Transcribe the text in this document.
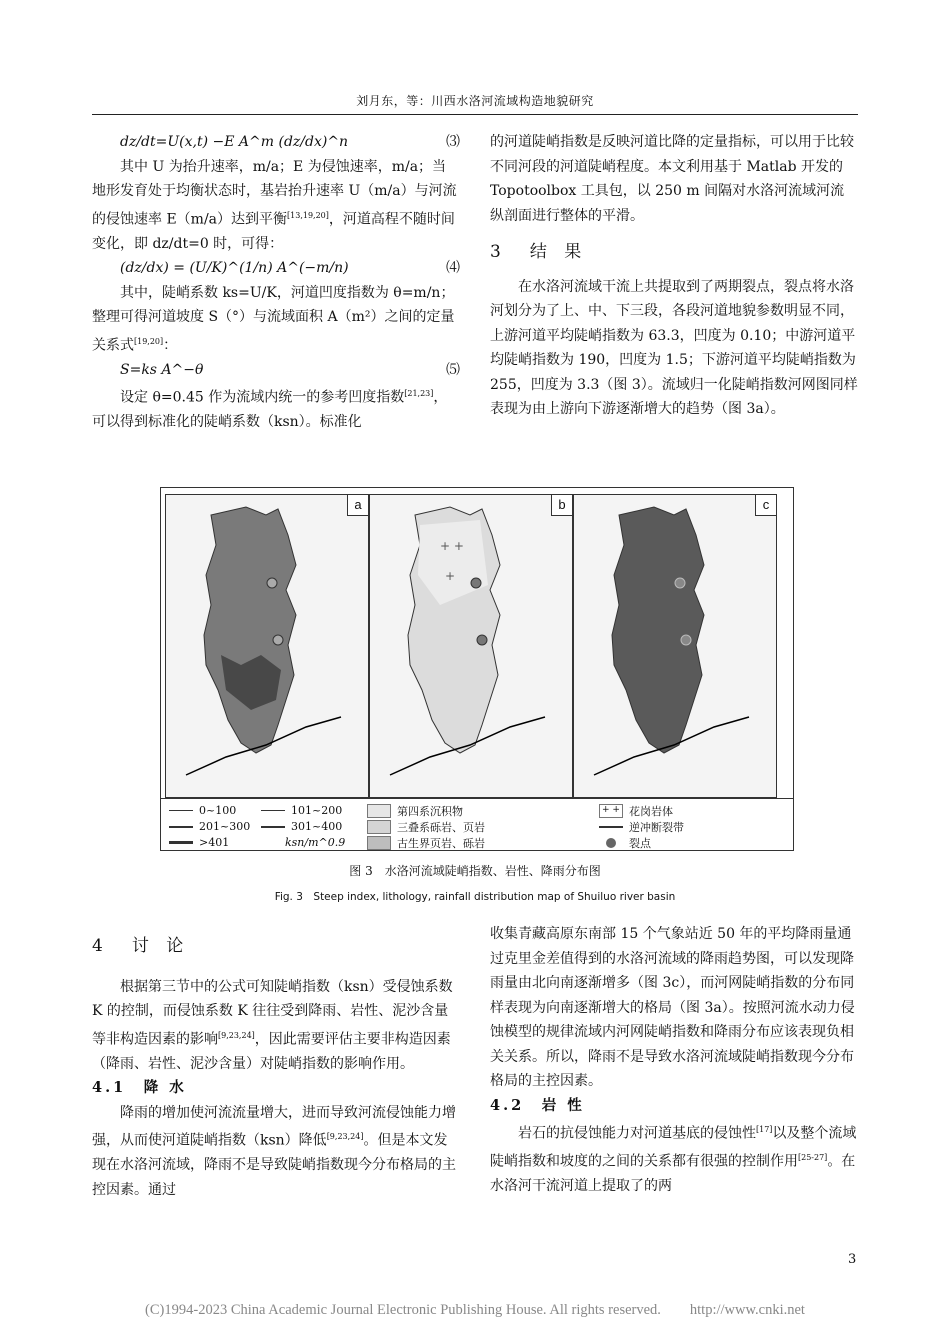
刘月东，等：川西水洛河流域构造地貌研究

dz/dt=U(x,t) −E A^m (dz/dx)^n	⑶

其中 U 为抬升速率，m/a；E 为侵蚀速率，m/a；当地形发育处于均衡状态时，基岩抬升速率 U（m/a）与河流的侵蚀速率 E（m/a）达到平衡[13,19,20]，河道高程不随时间变化，即 dz/dt=0 时，可得：

(dz/dx) = (U/K)^(1/n) A^(−m/n)	⑷

其中，陡峭系数 ks=U/K，河道凹度指数为 θ=m/n；整理可得河道坡度 S（°）与流域面积 A（m²）之间的定量关系式[19,20]：

S=ks A^−θ	⑸

设定 θ=0.45 作为流域内统一的参考凹度指数[21,23]，可以得到标准化的陡峭系数（ksn）。标准化

的河道陡峭指数是反映河道比降的定量指标，可以用于比较不同河段的河道陡峭程度。本文利用基于 Matlab 开发的 Topotoolbox 工具包，以 250 m 间隔对水洛河流域河流纵剖面进行整体的平滑。

3　结 果

在水洛河流域干流上共提取到了两期裂点，裂点将水洛河划分为了上、中、下三段，各段河道地貌参数明显不同，上游河道平均陡峭指数为 63.3，凹度为 0.10；中游河道平均陡峭指数为 190，凹度为 1.5；下游河道平均陡峭指数为 255，凹度为 3.3（图 3）。流域归一化陡峭指数河网图同样表现为由上游向下游逐渐增大的趋势（图 3a）。

a
+ +
+
b	c
0~100	101~200
201~300	301~400
>401	ksn/m^0.9
第四系沉积物
三叠系砾岩、页岩
古生界页岩、砾岩
+ + 花岗岩体
逆冲断裂带
裂点
图 3　水洛河流域陡峭指数、岩性、降雨分布图
Fig. 3　Steep index, lithology, rainfall distribution map of Shuiluo river basin

4　讨 论

根据第三节中的公式可知陡峭指数（ksn）受侵蚀系数 K 的控制，而侵蚀系数 K 往往受到降雨、岩性、泥沙含量等非构造因素的影响[9,23,24]，因此需要评估主要非构造因素（降雨、岩性、泥沙含量）对陡峭指数的影响作用。

4.1　降 水

降雨的增加使河流流量增大，进而导致河流侵蚀能力增强，从而使河道陡峭指数（ksn）降低[9,23,24]。但是本文发现在水洛河流域，降雨不是导致陡峭指数现今分布格局的主控因素。通过

收集青藏高原东南部 15 个气象站近 50 年的平均降雨量通过克里金差值得到的水洛河流域的降雨趋势图，可以发现降雨量由北向南逐渐增多（图 3c），而河网陡峭指数的分布同样表现为向南逐渐增大的格局（图 3a）。按照河流水动力侵蚀模型的规律流域内河网陡峭指数和降雨分布应该表现负相关关系。所以，降雨不是导致水洛河流域陡峭指数现今分布格局的主控因素。

4.2　岩 性

岩石的抗侵蚀能力对河道基底的侵蚀性[17]以及整个流域陡峭指数和坡度的之间的关系都有很强的控制作用[25-27]。在水洛河干流河道上提取了的两

3
(C)1994-2023 China Academic Journal Electronic Publishing House. All rights reserved.　　http://www.cnki.net
